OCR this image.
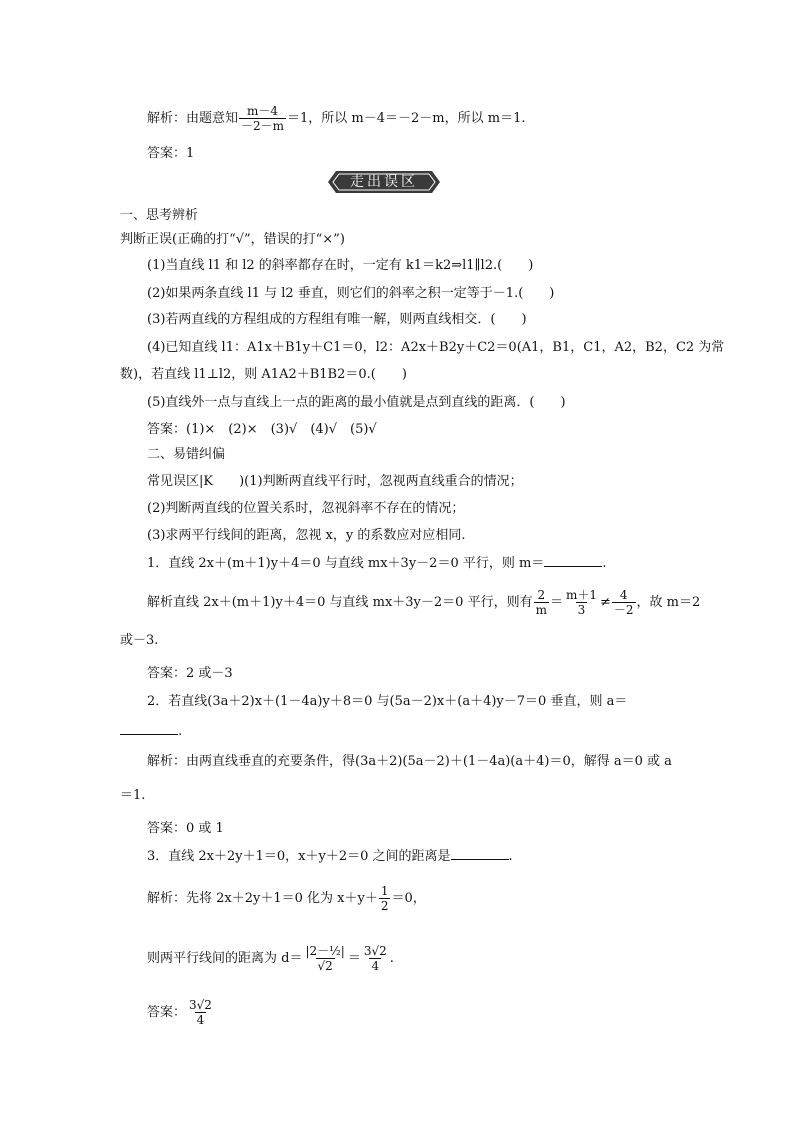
解析：由题意知 $\frac{m-4}{-2-m} =1$，所以 m－4＝－2－m，所以 m＝1.
答案：1
走出误区
一、思考辨析
判断正误(正确的打“√”，错误的打“×”)
(1)当直线 l1 和 l2 的斜率都存在时，一定有 k1＝k2⇒l1∥l2.(　　)
(2)如果两条直线 l1 与 l2 垂直，则它们的斜率之积一定等于－1.(　　)
(3)若两直线的方程组成的方程组有唯一解，则两直线相交．(　　)
(4)已知直线 l1：A1x＋B1y＋C1＝0，l2：A2x＋B2y＋C2＝0(A1，B1，C1，A2，B2，C2 为常
数)，若直线 l1⊥l2，则 A1A2＋B1B2＝0.(　　)
(5)直线外一点与直线上一点的距离的最小值就是点到直线的距离．(　　)
答案：(1)×　(2)×　(3)√　(4)√　(5)√
二、易错纠偏
常见误区|K　　)(1)判断两直线平行时，忽视两直线重合的情况；
(2)判断两直线的位置关系时，忽视斜率不存在的情况；
(3)求两平行线间的距离，忽视 x，y 的系数应对应相同.
1．直线 2x＋(m＋1)y＋4＝0 与直线 mx＋3y－2＝0 平行，则 m＝	.
解析直线 2x＋(m＋1)y＋4＝0 与直线 mx＋3y－2＝0 平行，则有 $\frac{2}{m} = \frac{m+1}{3} \ne \frac{4}{-2}$ ，故 m＝2
或－3.
答案：2 或－3
2．若直线(3a＋2)x＋(1－4a)y＋8＝0 与(5a－2)x＋(a＋4)y－7＝0 垂直，则 a＝
.
解析：由两直线垂直的充要条件，得(3a＋2)(5a－2)＋(1－4a)(a＋4)＝0，解得 a＝0 或 a
＝1.
答案：0 或 1
3．直线 2x＋2y＋1＝0，x＋y＋2＝0 之间的距离是	.
解析：先将 2x＋2y＋1＝0 化为 $x+y+ \frac{1}{2} =0$，
则两平行线间的距离为 $d= \frac{\text{|2－½|}}{√2} = \frac{3√2}{4}$ .
答案： $\frac{3√2}{4}$
